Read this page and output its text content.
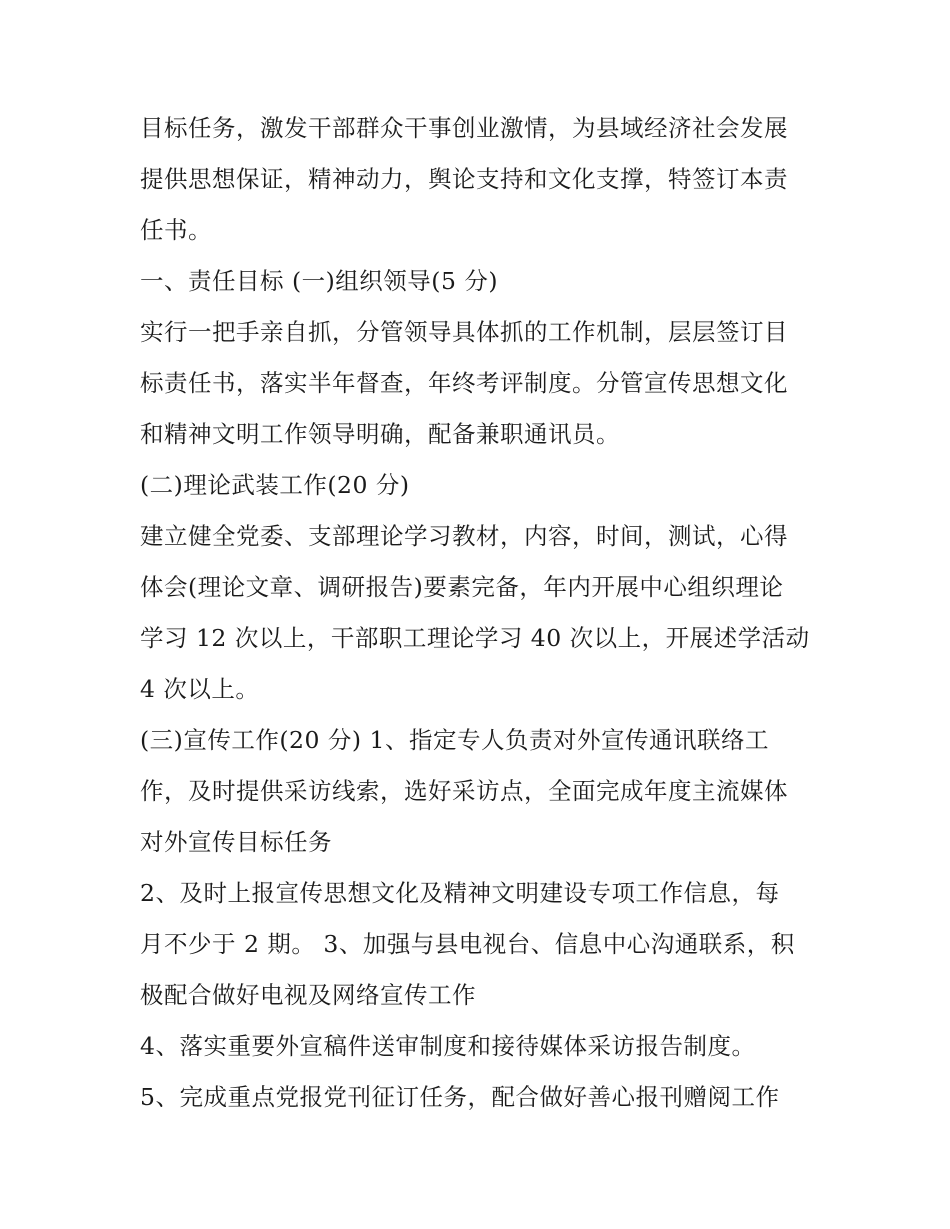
目标任务，激发干部群众干事创业激情，为县域经济社会发展
提供思想保证，精神动力，舆论支持和文化支撑，特签订本责
任书。
一、责任目标 (一)组织领导(5 分)
实行一把手亲自抓，分管领导具体抓的工作机制，层层签订目
标责任书，落实半年督查，年终考评制度。分管宣传思想文化
和精神文明工作领导明确，配备兼职通讯员。
(二)理论武装工作(20 分)
建立健全党委、支部理论学习教材，内容，时间，测试，心得
体会(理论文章、调研报告)要素完备，年内开展中心组织理论
学习 12 次以上，干部职工理论学习 40 次以上，开展述学活动
4 次以上。
(三)宣传工作(20 分) 1、指定专人负责对外宣传通讯联络工
作，及时提供采访线索，选好采访点，全面完成年度主流媒体
对外宣传目标任务
2、及时上报宣传思想文化及精神文明建设专项工作信息，每
月不少于 2 期。 3、加强与县电视台、信息中心沟通联系，积
极配合做好电视及网络宣传工作
4、落实重要外宣稿件送审制度和接待媒体采访报告制度。
5、完成重点党报党刊征订任务，配合做好善心报刊赠阅工作
